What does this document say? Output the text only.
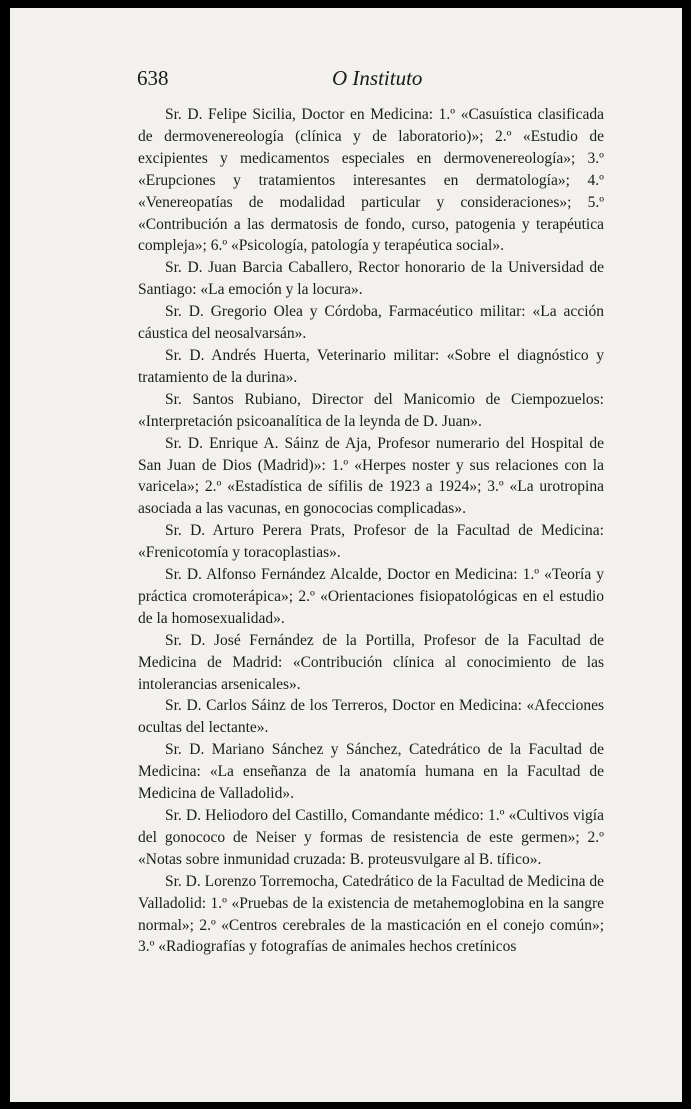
638	O Instituto

Sr. D. Felipe Sicilia, Doctor en Medicina: 1.º «Casuística clasificada de dermovenereología (clínica y de laboratorio)»; 2.º «Estudio de excipientes y medicamentos especiales en dermovenereología»; 3.º «Erupciones y tratamientos interesantes en dermatología»; 4.º «Venereopatías de modalidad particular y consideraciones»; 5.º «Contribución a las dermatosis de fondo, curso, patogenia y terapéutica compleja»; 6.º «Psicología, patología y terapéutica social».

Sr. D. Juan Barcia Caballero, Rector honorario de la Universidad de Santiago: «La emoción y la locura».

Sr. D. Gregorio Olea y Córdoba, Farmacéutico militar: «La acción cáustica del neosalvarsán».

Sr. D. Andrés Huerta, Veterinario militar: «Sobre el diagnóstico y tratamiento de la durina».

Sr. Santos Rubiano, Director del Manicomio de Ciempozuelos: «Interpretación psicoanalítica de la leynda de D. Juan».

Sr. D. Enrique A. Sáinz de Aja, Profesor numerario del Hospital de San Juan de Dios (Madrid)»: 1.º «Herpes noster y sus relaciones con la varicela»; 2.º «Estadística de sífilis de 1923 a 1924»; 3.º «La urotropina asociada a las vacunas, en gonococias complicadas».

Sr. D. Arturo Perera Prats, Profesor de la Facultad de Medicina: «Frenicotomía y toracoplastias».

Sr. D. Alfonso Fernández Alcalde, Doctor en Medicina: 1.º «Teoría y práctica cromoterápica»; 2.º «Orientaciones fisiopatológicas en el estudio de la homosexualidad».

Sr. D. José Fernández de la Portilla, Profesor de la Facultad de Medicina de Madrid: «Contribución clínica al conocimiento de las intolerancias arsenicales».

Sr. D. Carlos Sáinz de los Terreros, Doctor en Medicina: «Afecciones ocultas del lectante».

Sr. D. Mariano Sánchez y Sánchez, Catedrático de la Facultad de Medicina: «La enseñanza de la anatomía humana en la Facultad de Medicina de Valladolid».

Sr. D. Heliodoro del Castillo, Comandante médico: 1.º «Cultivos vigía del gonococo de Neiser y formas de resistencia de este germen»; 2.º «Notas sobre inmunidad cruzada: B. proteusvulgare al B. tífico».

Sr. D. Lorenzo Torremocha, Catedrático de la Facultad de Medicina de Valladolid: 1.º «Pruebas de la existencia de metahemoglobina en la sangre normal»; 2.º «Centros cerebrales de la masticación en el conejo común»; 3.º «Radiografías y fotografías de animales hechos cretínicos
